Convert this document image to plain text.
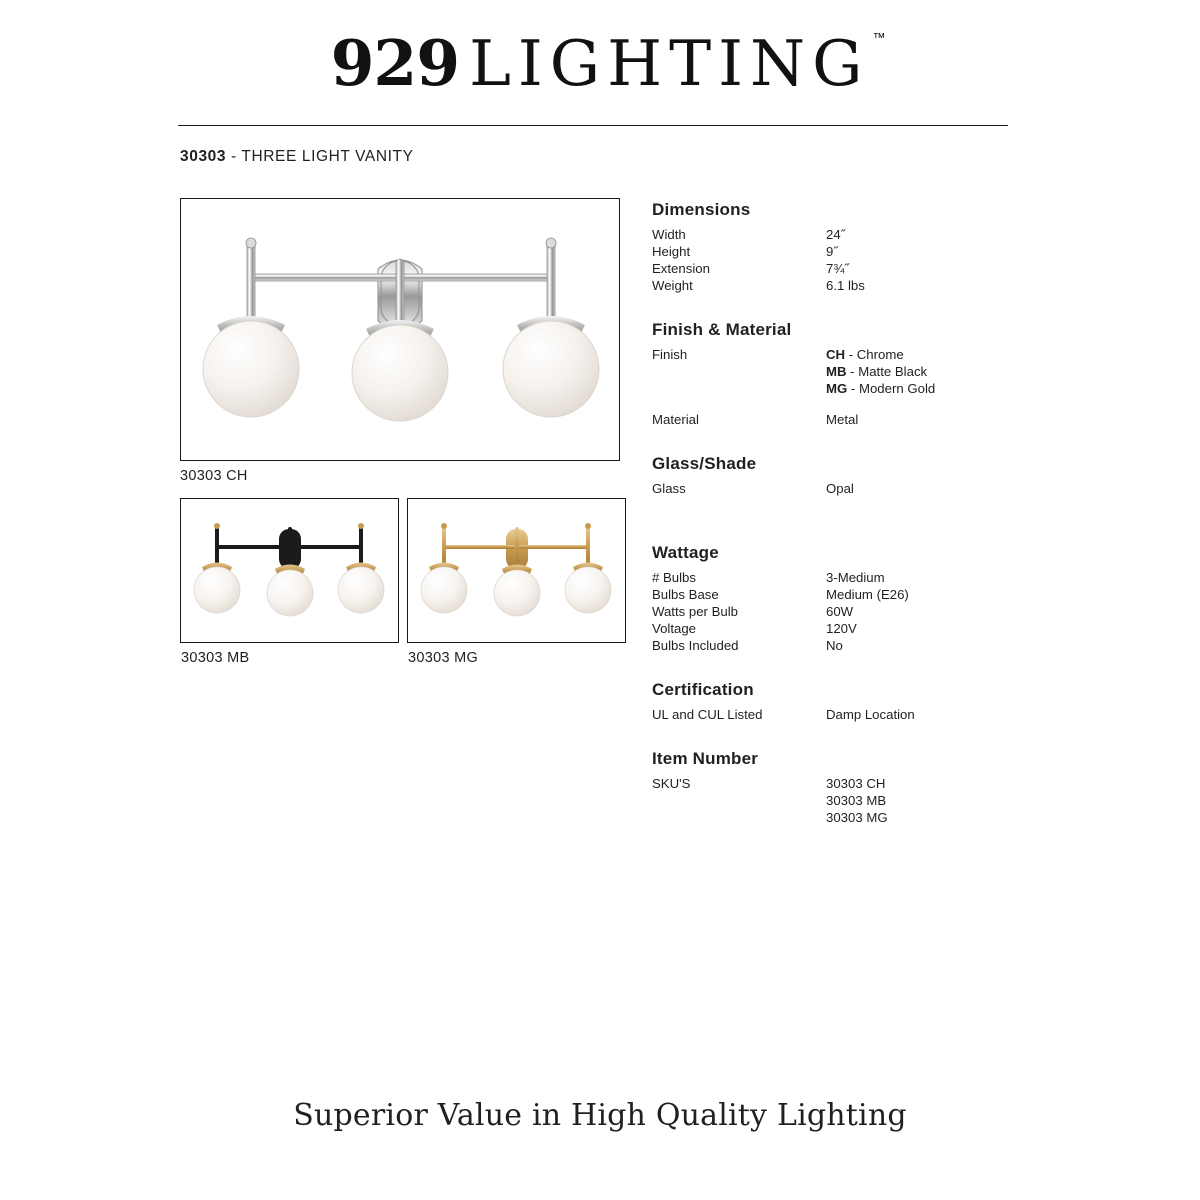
929 LIGHTING ™
30303 - THREE LIGHT VANITY
30303 CH
30303 MB	30303 MG
Dimensions
Width	24˝
Height	9˝
Extension	7¾˝
Weight	6.1 lbs
Finish & Material
Finish	CH - Chrome
MB - Matte Black
MG - Modern Gold
Material	Metal
Glass/Shade
Glass	Opal
Wattage
# Bulbs	3-Medium
Bulbs Base	Medium (E26)
Watts per Bulb	60W
Voltage	120V
Bulbs Included	No
Certification
UL and CUL Listed	Damp Location
Item Number
SKU'S	30303 CH
30303 MB
30303 MG
Superior Value in High Quality Lighting
